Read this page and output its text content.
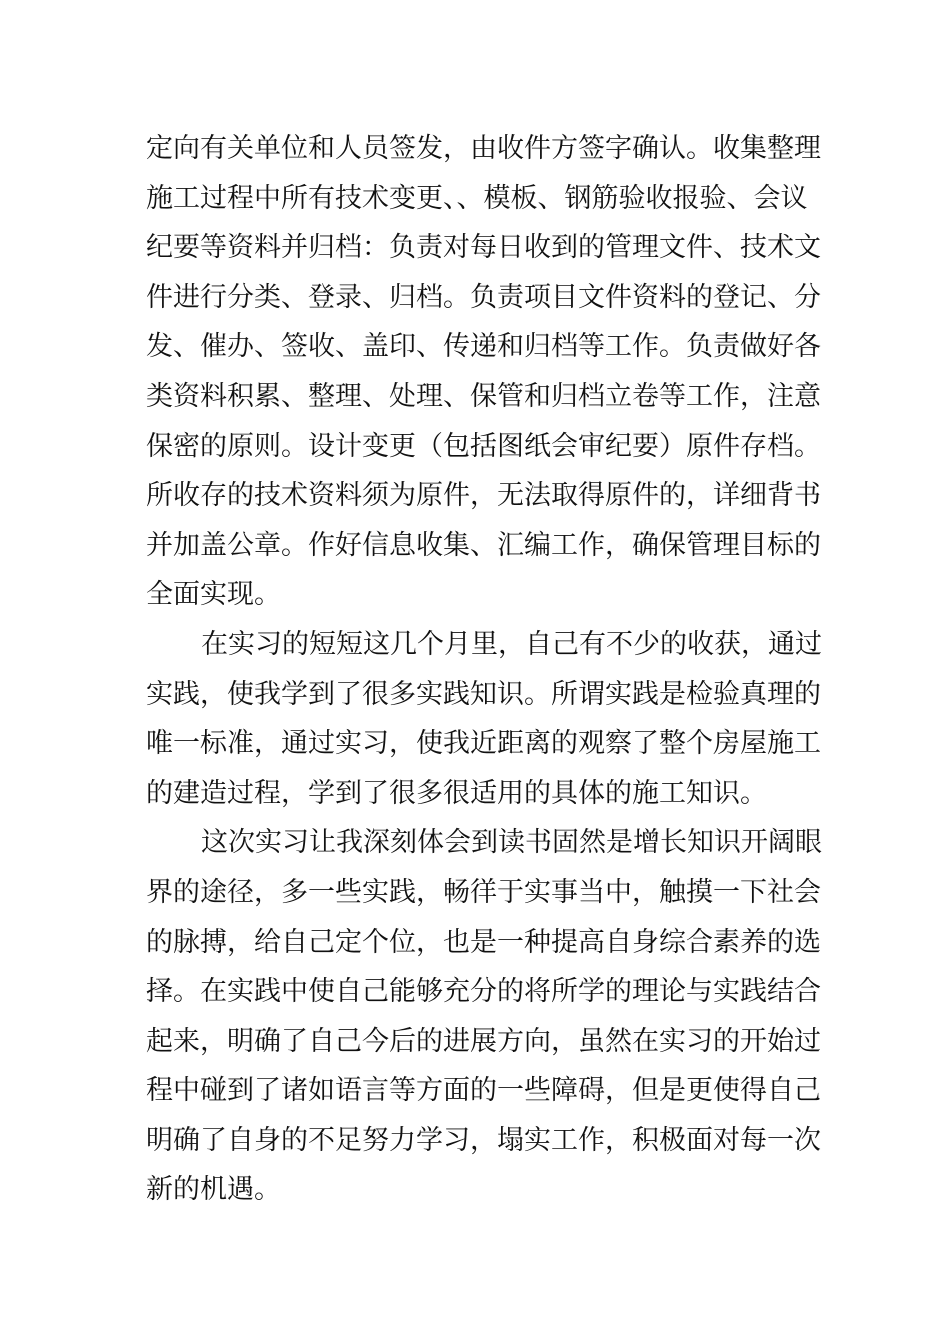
定向有关单位和人员签发，由收件方签字确认。收集整理
施工过程中所有技术变更、、模板、钢筋验收报验、会议
纪要等资料并归档：负责对每日收到的管理文件、技术文
件进行分类、登录、归档。负责项目文件资料的登记、分
发、催办、签收、盖印、传递和归档等工作。负责做好各
类资料积累、整理、处理、保管和归档立卷等工作，注意
保密的原则。设计变更（包括图纸会审纪要）原件存档。
所收存的技术资料须为原件，无法取得原件的，详细背书
并加盖公章。作好信息收集、汇编工作，确保管理目标的
全面实现。
在实习的短短这几个月里，自己有不少的收获，通过
实践，使我学到了很多实践知识。所谓实践是检验真理的
唯一标准，通过实习，使我近距离的观察了整个房屋施工
的建造过程，学到了很多很适用的具体的施工知识。
这次实习让我深刻体会到读书固然是增长知识开阔眼
界的途径，多一些实践，畅徉于实事当中，触摸一下社会
的脉搏，给自己定个位，也是一种提高自身综合素养的选
择。在实践中使自己能够充分的将所学的理论与实践结合
起来，明确了自己今后的进展方向，虽然在实习的开始过
程中碰到了诸如语言等方面的一些障碍，但是更使得自己
明确了自身的不足努力学习，塌实工作，积极面对每一次
新的机遇。
